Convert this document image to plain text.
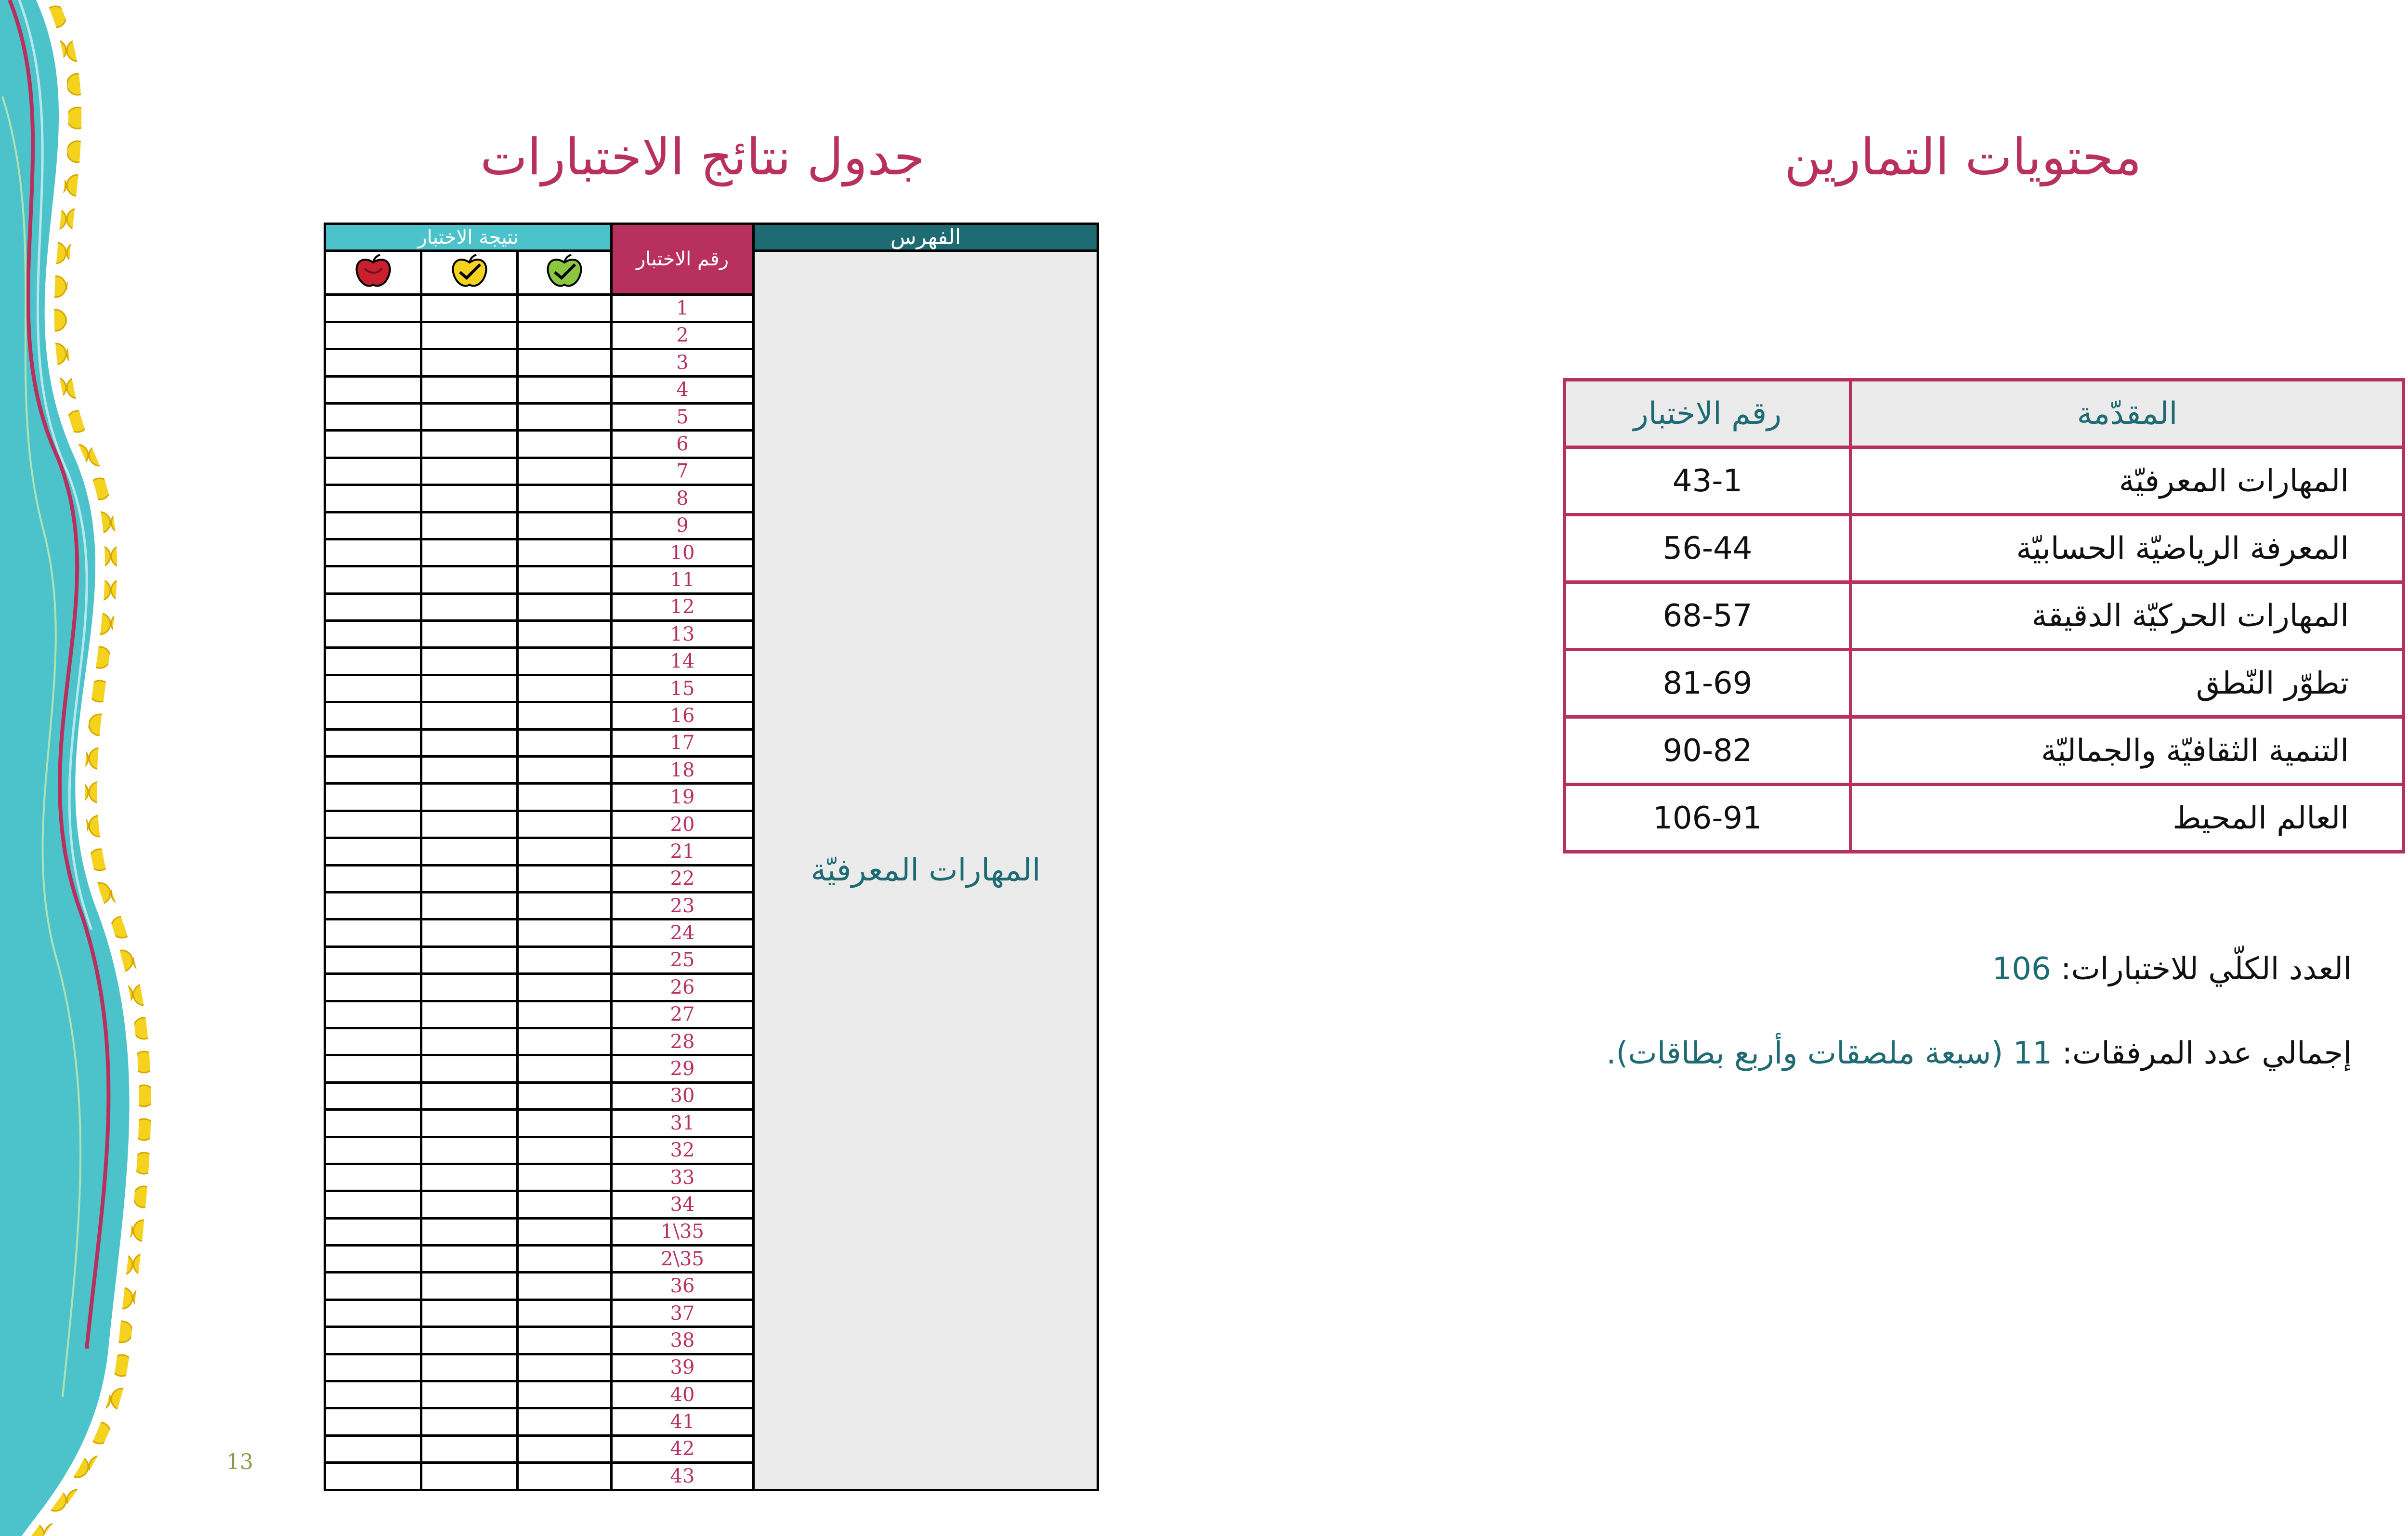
جدول نتائج الاختبارات
نتيجة الاختبار			رقم الاختبار	الفهرس
			المهارات المعرفيّة
			1	
			2	
			3	
			4	
			5	
			6	
			7	
			8	
			9	
			10	
			11	
			12	
			13	
			14	
			15	
			16	
			17	
			18	
			19	
			20	
			21	
			22	
			23	
			24	
			25	
			26	
			27	
			28	
			29	
			30	
			31	
			32	
			33	
			34	
			1\35	
			2\35	
			36	
			37	
			38	
			39	
			40	
			41	
			42	
			43	
13
محتويات التمارين
المقدّمة	رقم الاختبار
المهارات المعرفيّة	43-1
المعرفة الرياضيّة الحسابيّة	56-44
المهارات الحركيّة الدقيقة	68-57
تطوّر النّطق	81-69
التنمية الثقافيّة والجماليّة	90-82
العالم المحيط	106-91
العدد الكلّي للاختبارات: 106
إجمالي عدد المرفقات: 11 (سبعة ملصقات وأربع بطاقات).
